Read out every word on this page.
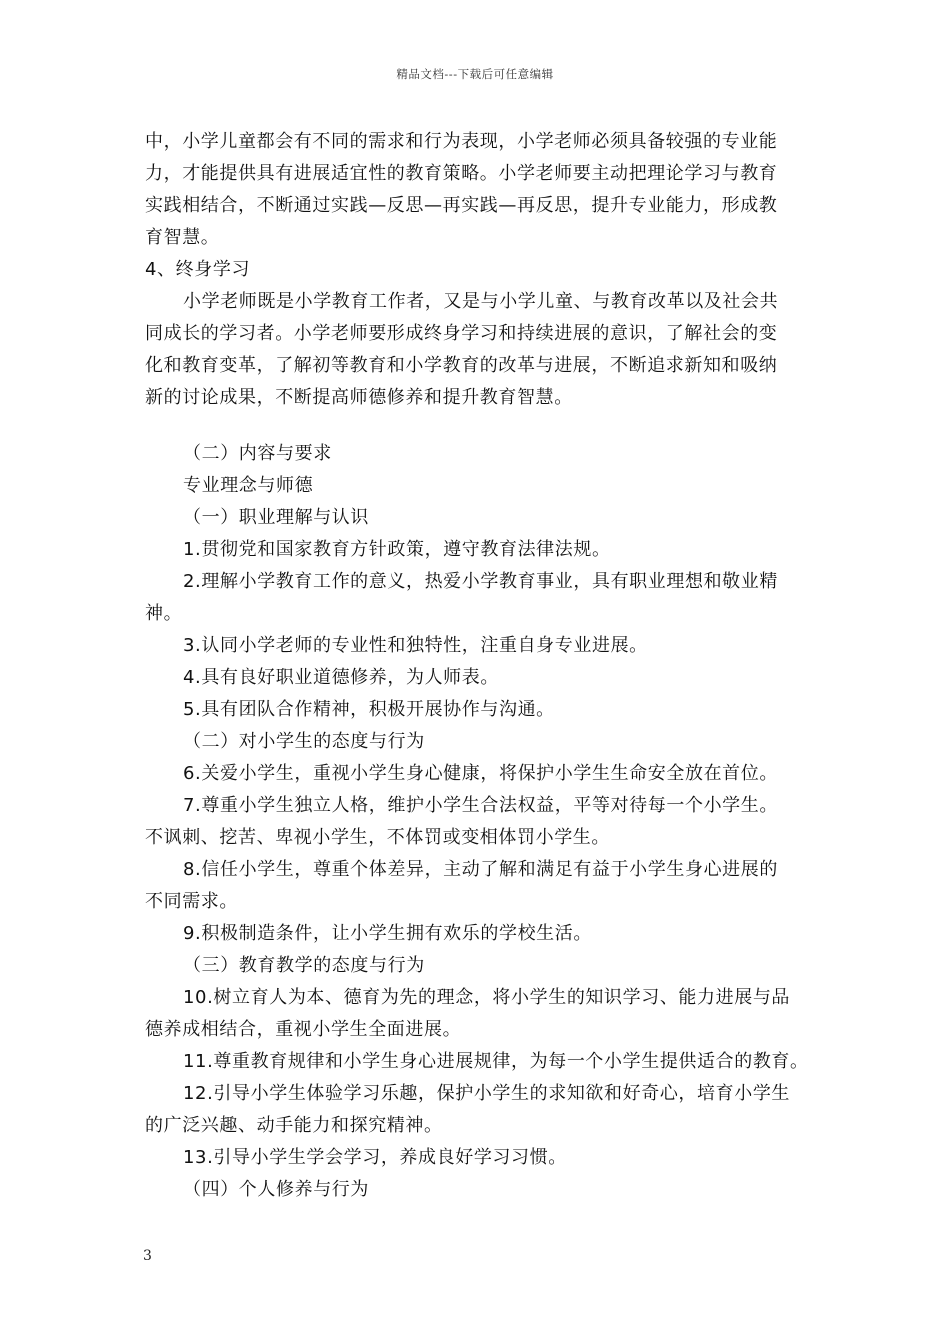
精品文档---下载后可任意编辑
中，小学儿童都会有不同的需求和行为表现，小学老师必须具备较强的专业能
力，才能提供具有进展适宜性的教育策略。小学老师要主动把理论学习与教育
实践相结合，不断通过实践—反思—再实践—再反思，提升专业能力，形成教
育智慧。
4、终身学习
小学老师既是小学教育工作者，又是与小学儿童、与教育改革以及社会共
同成长的学习者。小学老师要形成终身学习和持续进展的意识，了解社会的变
化和教育变革，了解初等教育和小学教育的改革与进展，不断追求新知和吸纳
新的讨论成果，不断提高师德修养和提升教育智慧。
（二）内容与要求
专业理念与师德
（一）职业理解与认识
1.贯彻党和国家教育方针政策，遵守教育法律法规。
2.理解小学教育工作的意义，热爱小学教育事业，具有职业理想和敬业精
神。
3.认同小学老师的专业性和独特性，注重自身专业进展。
4.具有良好职业道德修养，为人师表。
5.具有团队合作精神，积极开展协作与沟通。
（二）对小学生的态度与行为
6.关爱小学生，重视小学生身心健康，将保护小学生生命安全放在首位。
7.尊重小学生独立人格，维护小学生合法权益，平等对待每一个小学生。
不讽刺、挖苦、卑视小学生，不体罚或变相体罚小学生。
8.信任小学生，尊重个体差异，主动了解和满足有益于小学生身心进展的
不同需求。
9.积极制造条件，让小学生拥有欢乐的学校生活。
（三）教育教学的态度与行为
10.树立育人为本、德育为先的理念，将小学生的知识学习、能力进展与品
德养成相结合，重视小学生全面进展。
11.尊重教育规律和小学生身心进展规律，为每一个小学生提供适合的教育。
12.引导小学生体验学习乐趣，保护小学生的求知欲和好奇心，培育小学生
的广泛兴趣、动手能力和探究精神。
13.引导小学生学会学习，养成良好学习习惯。
（四）个人修养与行为
3
